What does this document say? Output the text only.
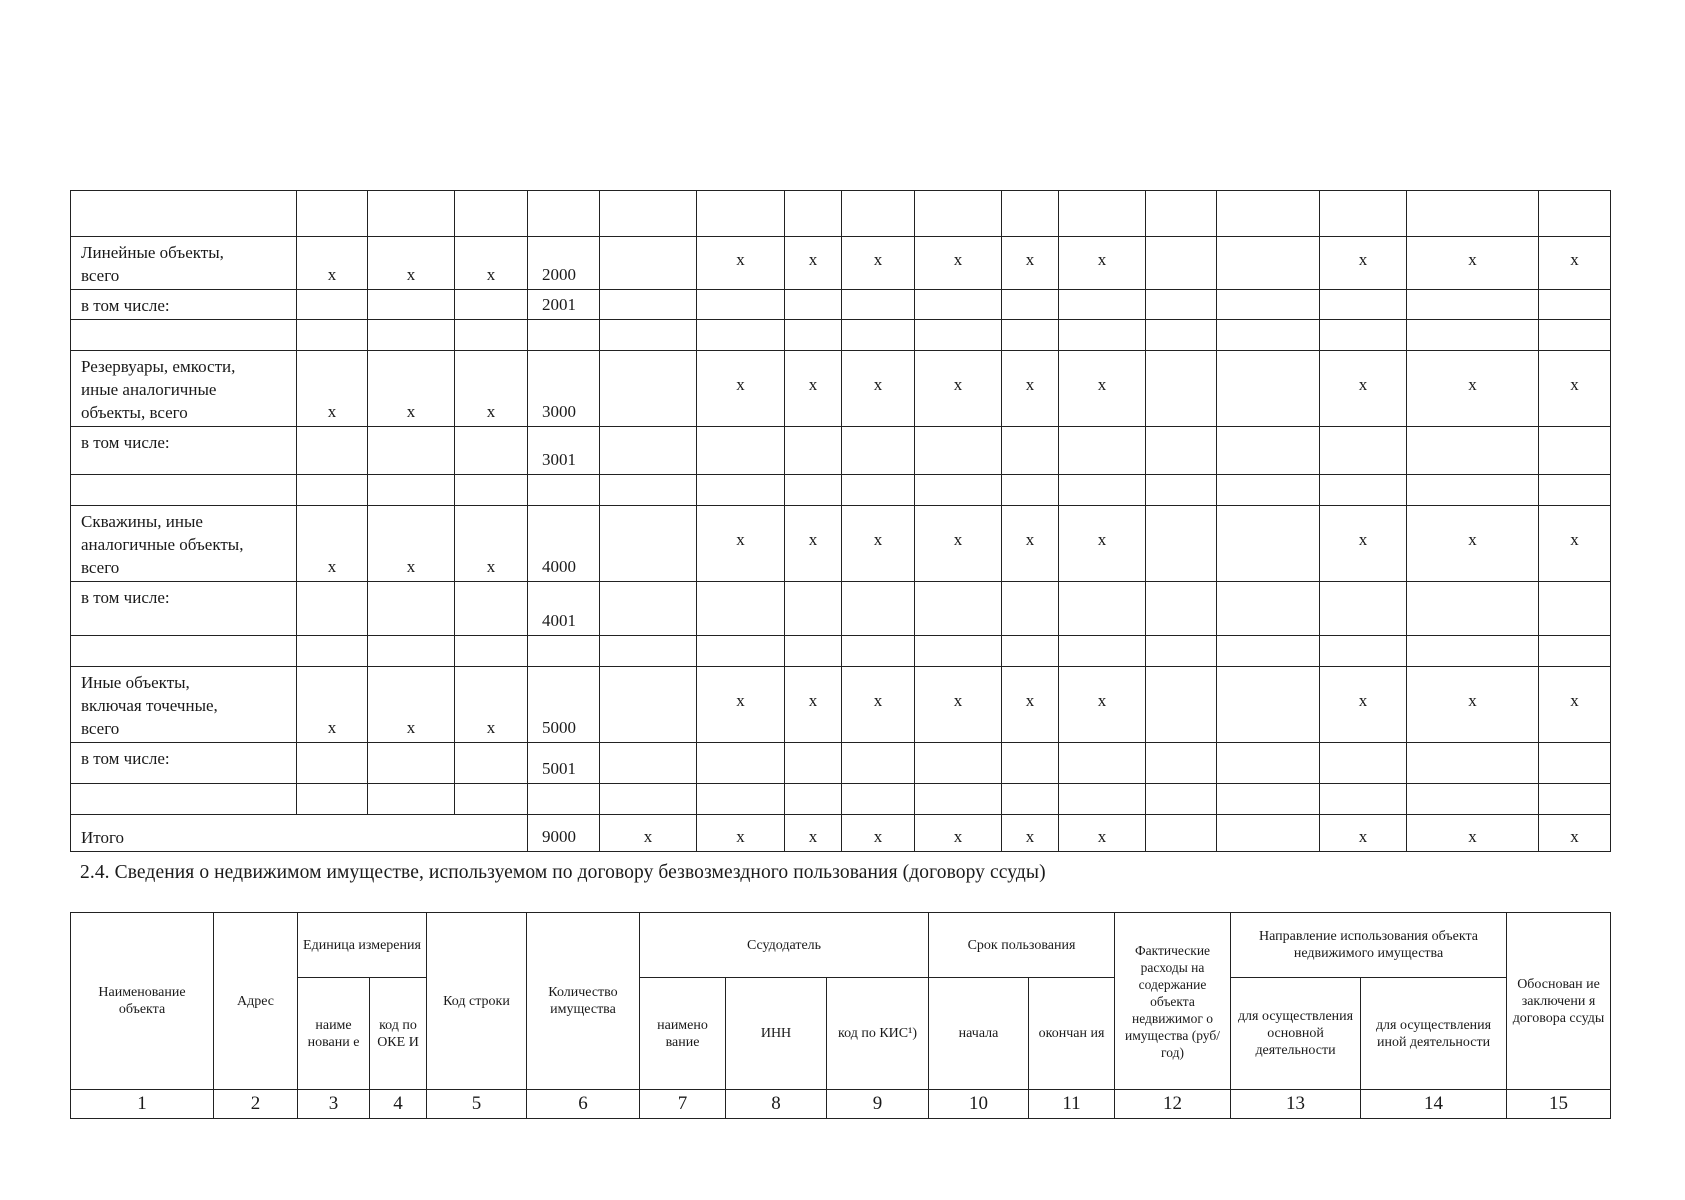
Линейные объекты,
всего	x	x	x	2000		x	x	x	x	x	x			x	x	x
в том числе:				2001												

Резервуары, емкости,
иные аналогичные
объекты, всего	x	x	x	3000		x	x	x	x	x	x			x	x	x
в том числе:				3001												

Скважины, иные
аналогичные объекты,
всего	x	x	x	4000		x	x	x	x	x	x			x	x	x
в том числе:				4001												

Иные объекты,
включая точечные,
всего	x	x	x	5000		x	x	x	x	x	x			x	x	x
в том числе:				5001												

Итого				9000	x	x	x	x	x	x	x			x	x	x
2.4. Сведения о недвижимом имуществе, используемом по договору безвозмездного пользования (договору ссуды)
Наименование объекта	Адрес	Единица измерения		Код строки	Количество имущества	Ссудодатель			Срок пользования		Фактические расходы на содержание объекта недвижимог о имущества (руб/год)	Направление использования объекта недвижимого имущества		Обоснован ие заключени я договора ссуды
		наиме новани е	код по ОКЕ И			наимено вание	ИНН	код по КИС¹)	начала	окончан ия		для осуществления основной деятельности	для осуществления иной деятельности	
1	2	3	4	5	6	7	8	9	10	11	12	13	14	15
